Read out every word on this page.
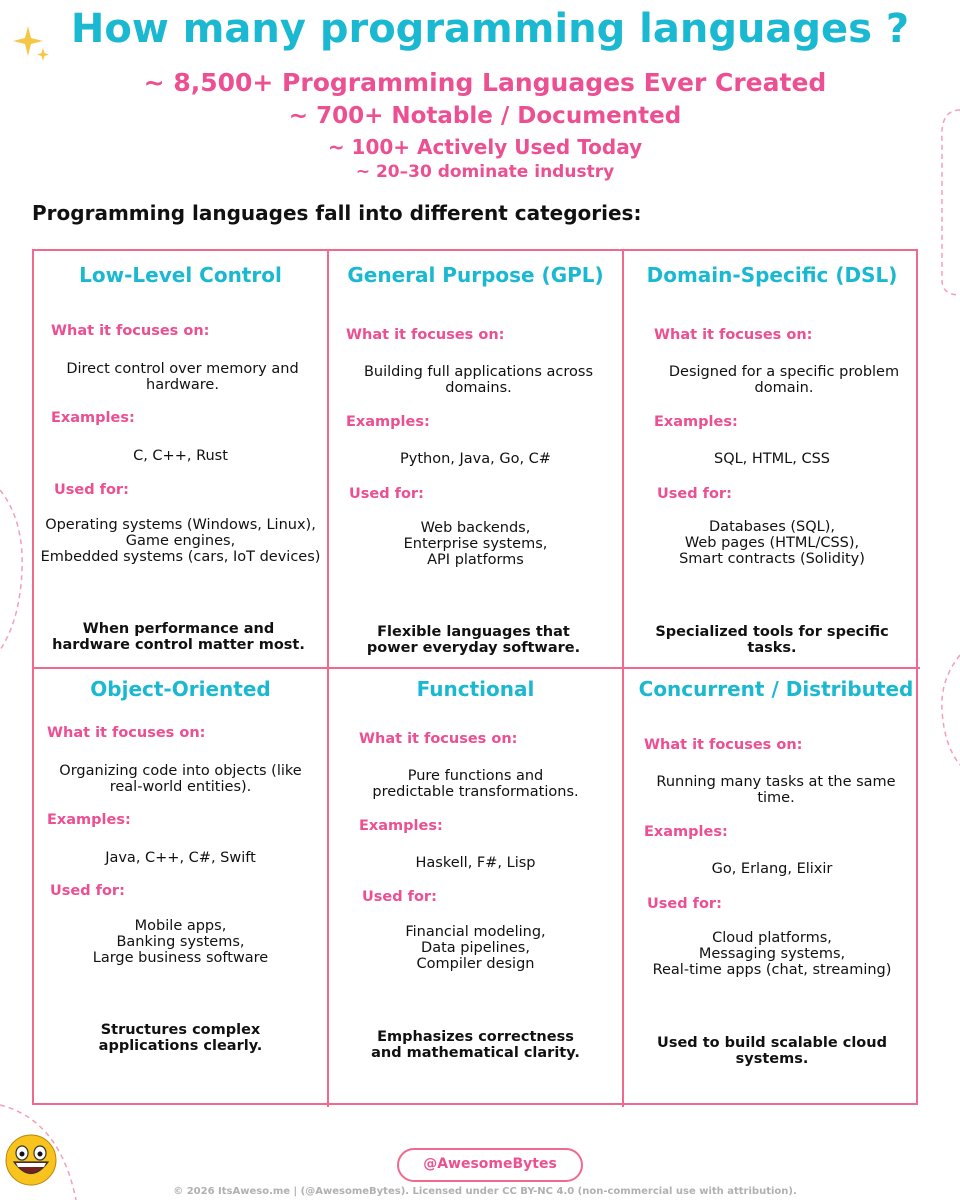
How many programming languages ?

~ 8,500+ Programming Languages Ever Created

~ 700+ Notable / Documented

~ 100+ Actively Used Today

~ 20–30 dominate industry

Programming languages fall into different categories:

Low-Level Control

What it focuses on:

Direct control over memory and hardware.

Examples:

C, C++, Rust

Used for:

Operating systems (Windows, Linux),
Game engines,
Embedded systems (cars, IoT devices)

When performance and hardware control matter most.

General Purpose (GPL)

What it focuses on:

Building full applications across domains.

Examples:

Python, Java, Go, C#

Used for:

Web backends,
Enterprise systems,
API platforms

Flexible languages that power everyday software.

Domain-Specific (DSL)

What it focuses on:

Designed for a specific problem domain.

Examples:

SQL, HTML, CSS

Used for:

Databases (SQL),
Web pages (HTML/CSS),
Smart contracts (Solidity)

Specialized tools for specific tasks.

Object-Oriented

What it focuses on:

Organizing code into objects (like real-world entities).

Examples:

Java, C++, C#, Swift

Used for:

Mobile apps,
Banking systems,
Large business software

Structures complex applications clearly.

Functional

What it focuses on:

Pure functions and predictable transformations.

Examples:

Haskell, F#, Lisp

Used for:

Financial modeling,
Data pipelines,
Compiler design

Emphasizes correctness and mathematical clarity.

Concurrent / Distributed

What it focuses on:

Running many tasks at the same time.

Examples:

Go, Erlang, Elixir

Used for:

Cloud platforms,
Messaging systems,
Real-time apps (chat, streaming)

Used to build scalable cloud systems.

@AwesomeBytes

© 2026 ItsAweso.me | (@AwesomeBytes). Licensed under CC BY-NC 4.0 (non-commercial use with attribution).
